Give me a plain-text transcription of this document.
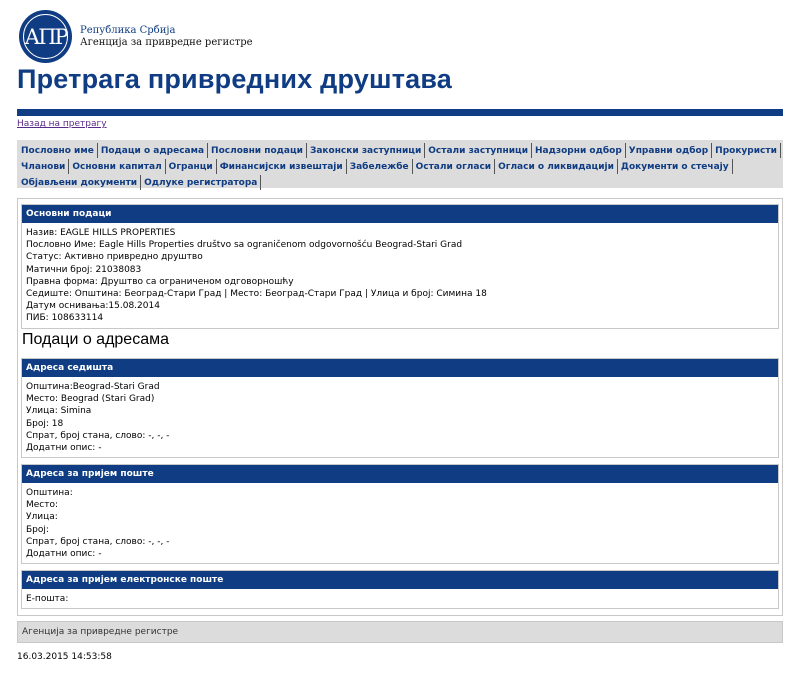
АПР Република Србија
Агенција за привредне регистре
Претрага привредних друштава
Назад на претрагу
Пословно име Подаци о адресама Пословни подаци Законски заступници Остали заступници Надзорни одбор Управни одбор Прокуристи
Чланови Основни капитал Огранци Финансијски извештаји Забележбе Остали огласи Огласи о ликвидацији Документи о стечају
Објављени документи Одлуке регистратора
Основни подаци
Назив: EAGLE HILLS PROPERTIES
Пословно Име: Eagle Hills Properties društvo sa ograničenom odgovornošću Beograd-Stari Grad
Статус: Активно привредно друштво
Матични број: 21038083
Правна форма: Друштво са ограниченом одговорношћу
Седиште: Општина: Београд-Стари Град | Место: Београд-Стари Град | Улица и број: Симина 18
Датум оснивања:15.08.2014
ПИБ: 108633114
Подаци о адресама
Адреса седишта
Општина:Beograd-Stari Grad
Место: Beograd (Stari Grad)
Улица: Simina
Број: 18
Спрат, број стана, слово: -, -, -
Додатни опис: -
Адреса за пријем поште
Општина:
Место:
Улица:
Број:
Спрат, број стана, слово: -, -, -
Додатни опис: -
Адреса за пријем електронске поште
E-пошта:
Агенција за привредне регистре
16.03.2015 14:53:58
